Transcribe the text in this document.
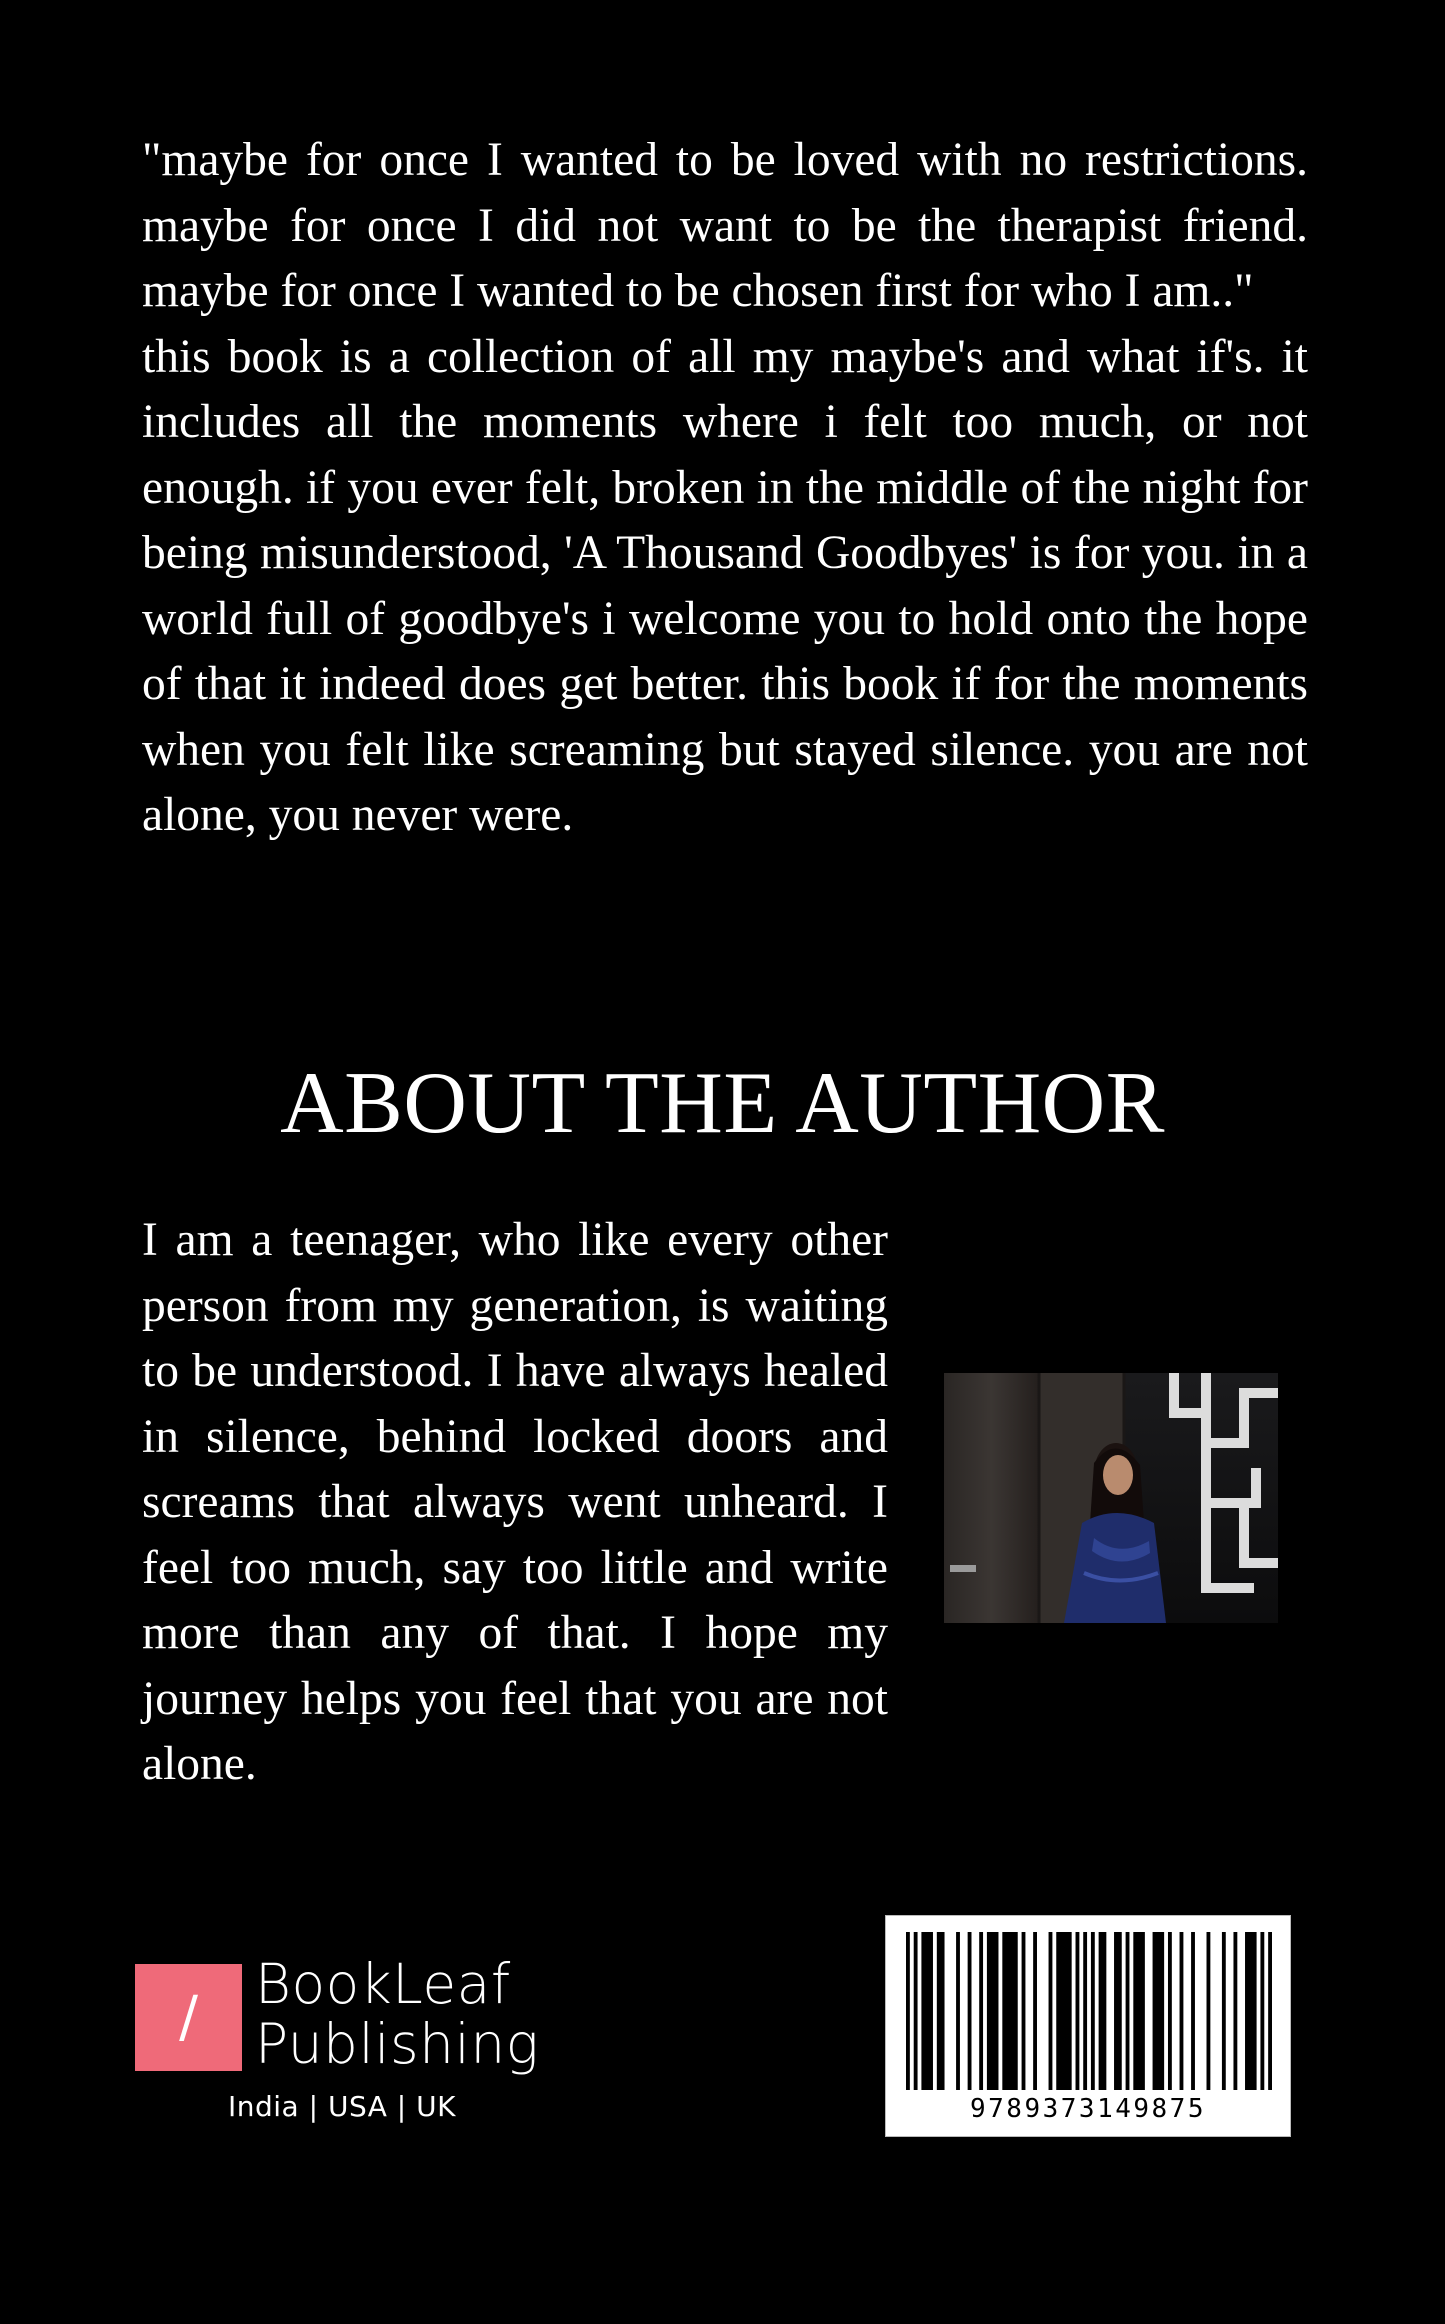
"maybe for once I wanted to be loved with no restrictions. maybe for once I did not want to be the therapist friend. maybe for once I wanted to be chosen first for who I am.."

this book is a collection of all my maybe's and what if's. it includes all the moments where i felt too much, or not enough. if you ever felt, broken in the middle of the night for being misunderstood, 'A Thousand Goodbyes' is for you. in a world full of goodbye's i welcome you to hold onto the hope of that it indeed does get better. this book if for the moments when you felt like screaming but stayed silence. you are not alone, you never were.

ABOUT THE AUTHOR

I am a teenager, who like every other person from my generation, is waiting to be understood. I have always healed in silence, behind locked doors and screams that always went unheard. I feel too much, say too little and write more than any of that. I hope my journey helps you feel that you are not alone.

/
BookLeaf
Publishing
India | USA | UK	9789373149875
